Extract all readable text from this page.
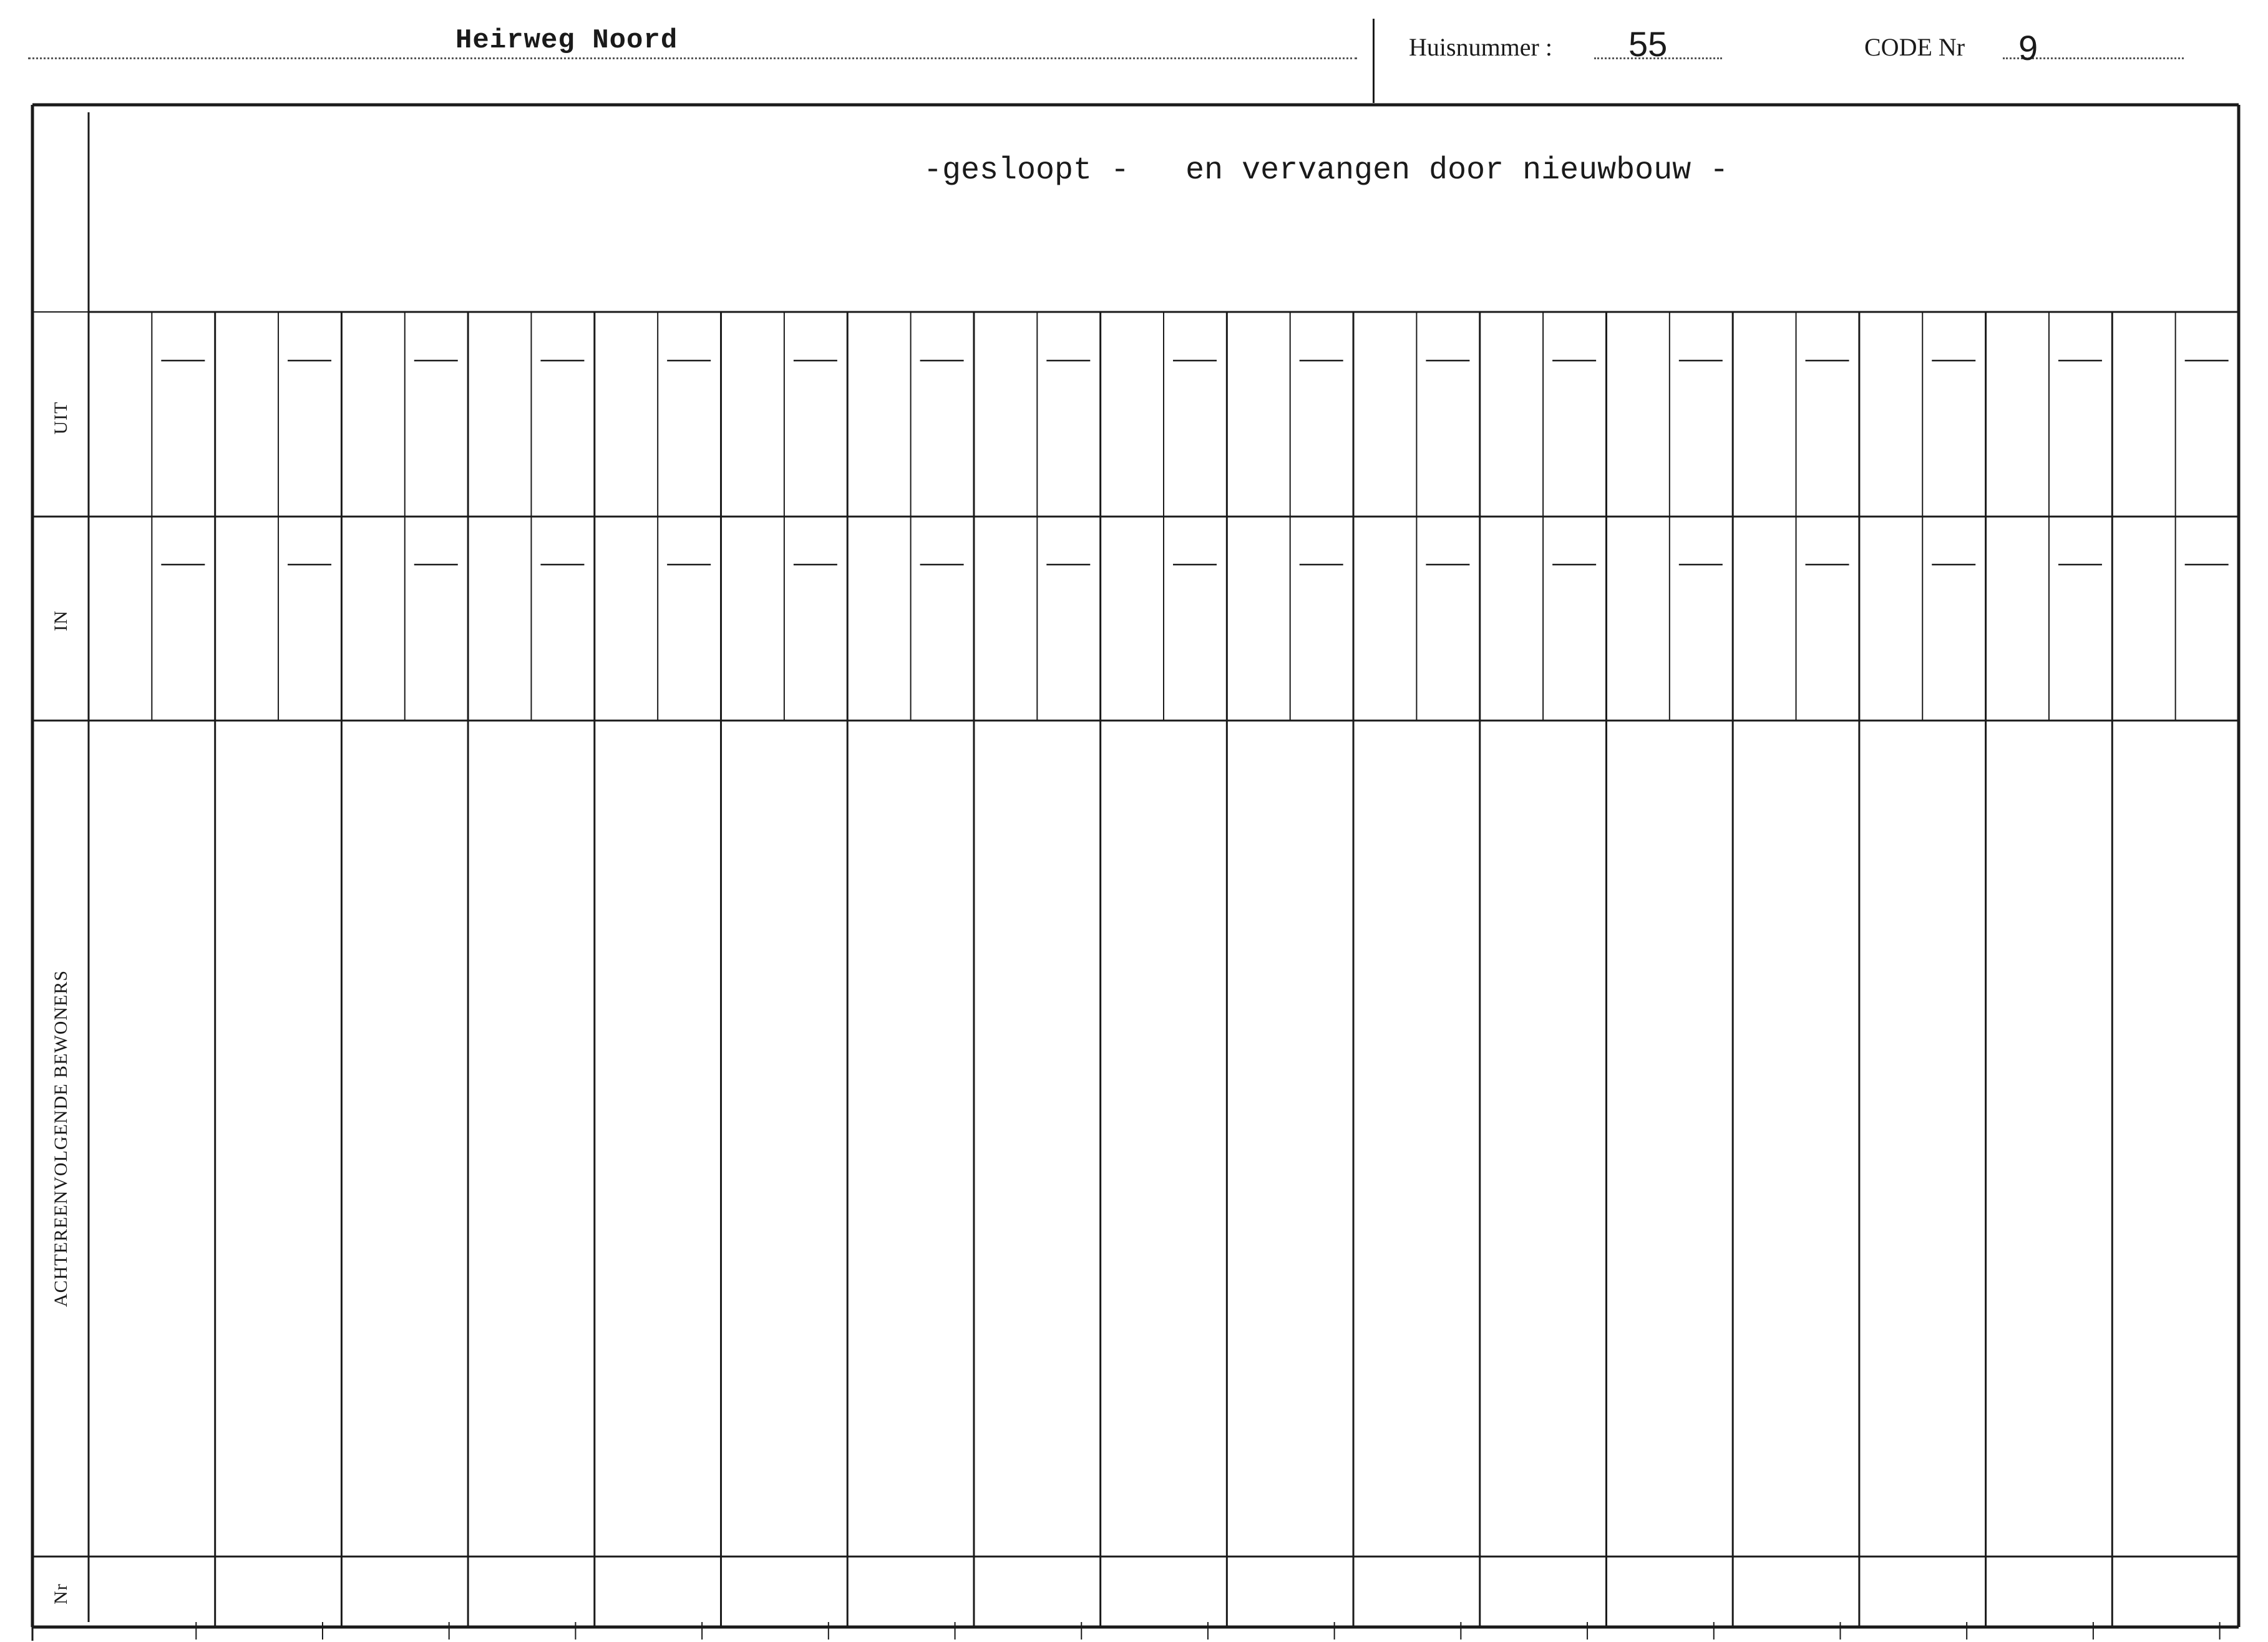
Heirweg Noord	Huisnummer : 55	CODE Nr 9
-gesloopt -   en vervangen door nieuwbouw -
UIT
IN
ACHTEREENVOLGENDE BEWONERS
Nr
